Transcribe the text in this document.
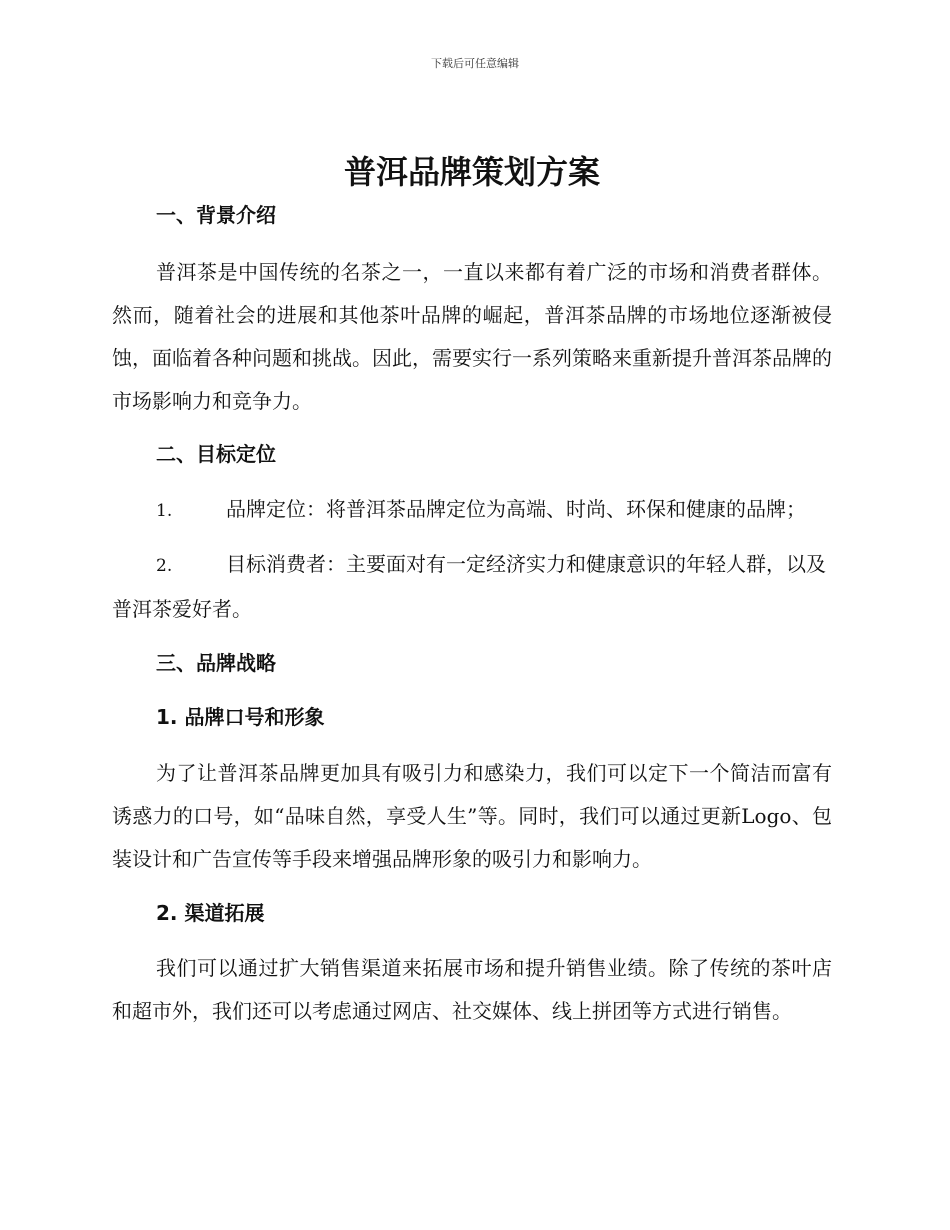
下载后可任意编辑
普洱品牌策划方案
一、背景介绍

普洱茶是中国传统的名茶之一，一直以来都有着广泛的市场和消费者群体。然而，随着社会的进展和其他茶叶品牌的崛起，普洱茶品牌的市场地位逐渐被侵蚀，面临着各种问题和挑战。因此，需要实行一系列策略来重新提升普洱茶品牌的市场影响力和竞争力。

二、目标定位

1.	品牌定位：将普洱茶品牌定位为高端、时尚、环保和健康的品牌；

2.	目标消费者：主要面对有一定经济实力和健康意识的年轻人群，以及普洱茶爱好者。

三、品牌战略
1. 品牌口号和形象

为了让普洱茶品牌更加具有吸引力和感染力，我们可以定下一个简洁而富有诱惑力的口号，如“品味自然，享受人生”等。同时，我们可以通过更新Logo、包装设计和广告宣传等手段来增强品牌形象的吸引力和影响力。

2. 渠道拓展

我们可以通过扩大销售渠道来拓展市场和提升销售业绩。除了传统的茶叶店和超市外，我们还可以考虑通过网店、社交媒体、线上拼团等方式进行销售。
